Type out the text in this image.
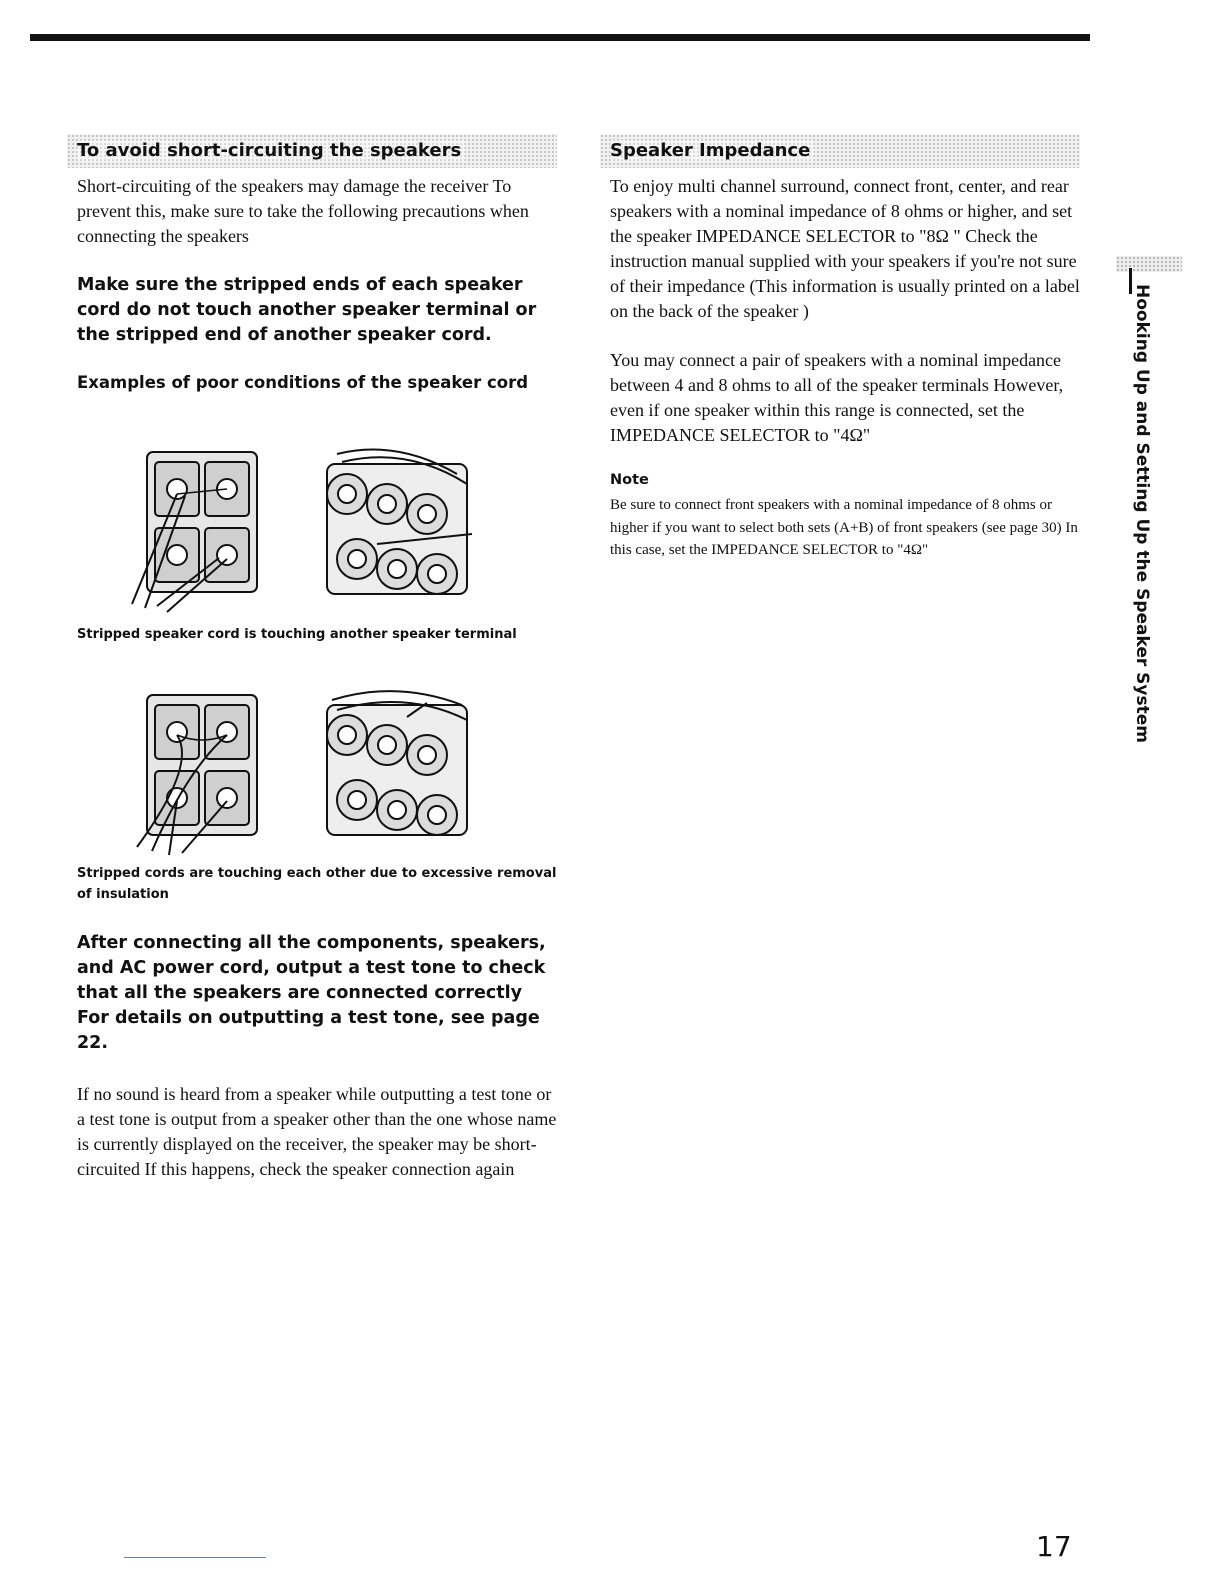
To avoid short-circuiting the speakers

Short-circuiting of the speakers may damage the receiver To prevent this, make sure to take the following precautions when connecting the speakers

Make sure the stripped ends of each speaker cord do not touch another speaker terminal or the stripped end of another speaker cord.

Examples of poor conditions of the speaker cord

Stripped speaker cord is touching another speaker terminal

Stripped cords are touching each other due to excessive removal of insulation

After connecting all the components, speakers, and AC power cord, output a test tone to check that all the speakers are connected correctly For details on outputting a test tone, see page 22.

If no sound is heard from a speaker while outputting a test tone or a test tone is output from a speaker other than the one whose name is currently displayed on the receiver, the speaker may be short-circuited If this happens, check the speaker connection again

Speaker Impedance

To enjoy multi channel surround, connect front, center, and rear speakers with a nominal impedance of 8 ohms or higher, and set the speaker IMPEDANCE SELECTOR to "8Ω " Check the instruction manual supplied with your speakers if you're not sure of their impedance (This information is usually printed on a label on the back of the speaker )

You may connect a pair of speakers with a nominal impedance between 4 and 8 ohms to all of the speaker terminals However, even if one speaker within this range is connected, set the IMPEDANCE SELECTOR to "4Ω"

Note

Be sure to connect front speakers with a nominal impedance of 8 ohms or higher if you want to select both sets (A+B) of front speakers (see page 30) In this case, set the IMPEDANCE SELECTOR to "4Ω"	Hooking Up and Setting Up the Speaker System
17
